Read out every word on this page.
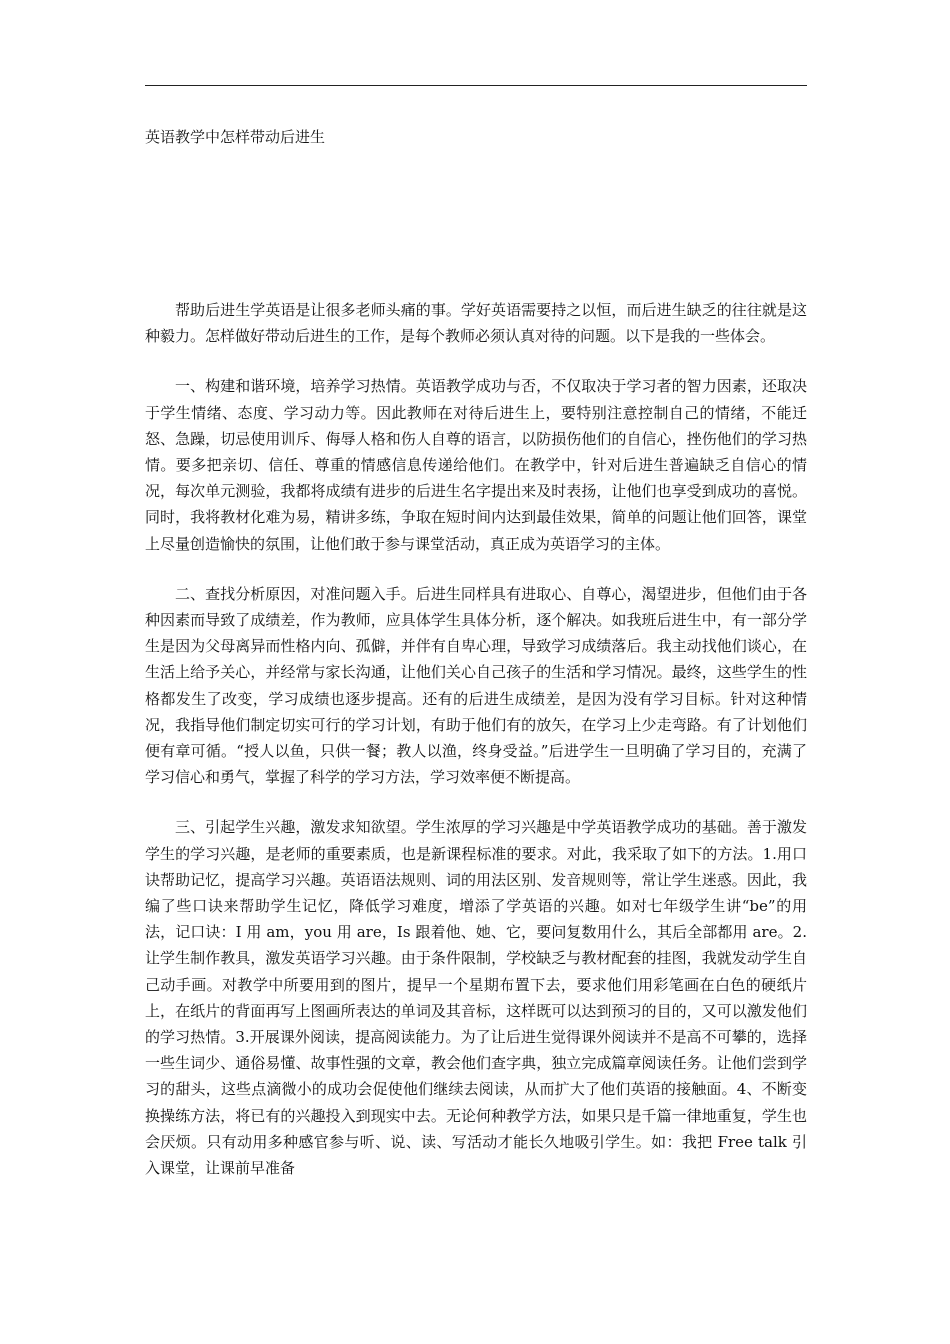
英语教学中怎样带动后进生

帮助后进生学英语是让很多老师头痛的事。学好英语需要持之以恒，而后进生缺乏的往往就是这种毅力。怎样做好带动后进生的工作，是每个教师必须认真对待的问题。以下是我的一些体会。

一、构建和谐环境，培养学习热情。英语教学成功与否，不仅取决于学习者的智力因素，还取决于学生情绪、态度、学习动力等。因此教师在对待后进生上，要特别注意控制自己的情绪，不能迁怒、急躁，切忌使用训斥、侮辱人格和伤人自尊的语言，以防损伤他们的自信心，挫伤他们的学习热情。要多把亲切、信任、尊重的情感信息传递给他们。在教学中，针对后进生普遍缺乏自信心的情况，每次单元测验，我都将成绩有进步的后进生名字提出来及时表扬，让他们也享受到成功的喜悦。同时，我将教材化难为易，精讲多练，争取在短时间内达到最佳效果，简单的问题让他们回答，课堂上尽量创造愉快的氛围，让他们敢于参与课堂活动，真正成为英语学习的主体。

二、查找分析原因，对准问题入手。后进生同样具有进取心、自尊心，渴望进步，但他们由于各种因素而导致了成绩差，作为教师，应具体学生具体分析，逐个解决。如我班后进生中，有一部分学生是因为父母离异而性格内向、孤僻，并伴有自卑心理，导致学习成绩落后。我主动找他们谈心，在生活上给予关心，并经常与家长沟通，让他们关心自己孩子的生活和学习情况。最终，这些学生的性格都发生了改变，学习成绩也逐步提高。还有的后进生成绩差，是因为没有学习目标。针对这种情况，我指导他们制定切实可行的学习计划，有助于他们有的放矢，在学习上少走弯路。有了计划他们便有章可循。“授人以鱼，只供一餐；教人以渔，终身受益。”后进学生一旦明确了学习目的，充满了学习信心和勇气，掌握了科学的学习方法，学习效率便不断提高。

三、引起学生兴趣，激发求知欲望。学生浓厚的学习兴趣是中学英语教学成功的基础。善于激发学生的学习兴趣，是老师的重要素质，也是新课程标准的要求。对此，我采取了如下的方法。1.用口诀帮助记忆，提高学习兴趣。英语语法规则、词的用法区别、发音规则等，常让学生迷惑。因此，我编了些口诀来帮助学生记忆，降低学习难度，增添了学英语的兴趣。如对七年级学生讲“be”的用法，记口诀：I 用 am，you 用 are，Is 跟着他、她、它，要问复数用什么，其后全部都用 are。2.让学生制作教具，激发英语学习兴趣。由于条件限制，学校缺乏与教材配套的挂图，我就发动学生自己动手画。对教学中所要用到的图片，提早一个星期布置下去，要求他们用彩笔画在白色的硬纸片上，在纸片的背面再写上图画所表达的单词及其音标，这样既可以达到预习的目的，又可以激发他们的学习热情。3.开展课外阅读，提高阅读能力。为了让后进生觉得课外阅读并不是高不可攀的，选择一些生词少、通俗易懂、故事性强的文章，教会他们查字典，独立完成篇章阅读任务。让他们尝到学习的甜头，这些点滴微小的成功会促使他们继续去阅读，从而扩大了他们英语的接触面。4、不断变换操练方法，将已有的兴趣投入到现实中去。无论何种教学方法，如果只是千篇一律地重复，学生也会厌烦。只有动用多种感官参与听、说、读、写活动才能长久地吸引学生。如：我把 Free talk 引入课堂，让课前早准备
